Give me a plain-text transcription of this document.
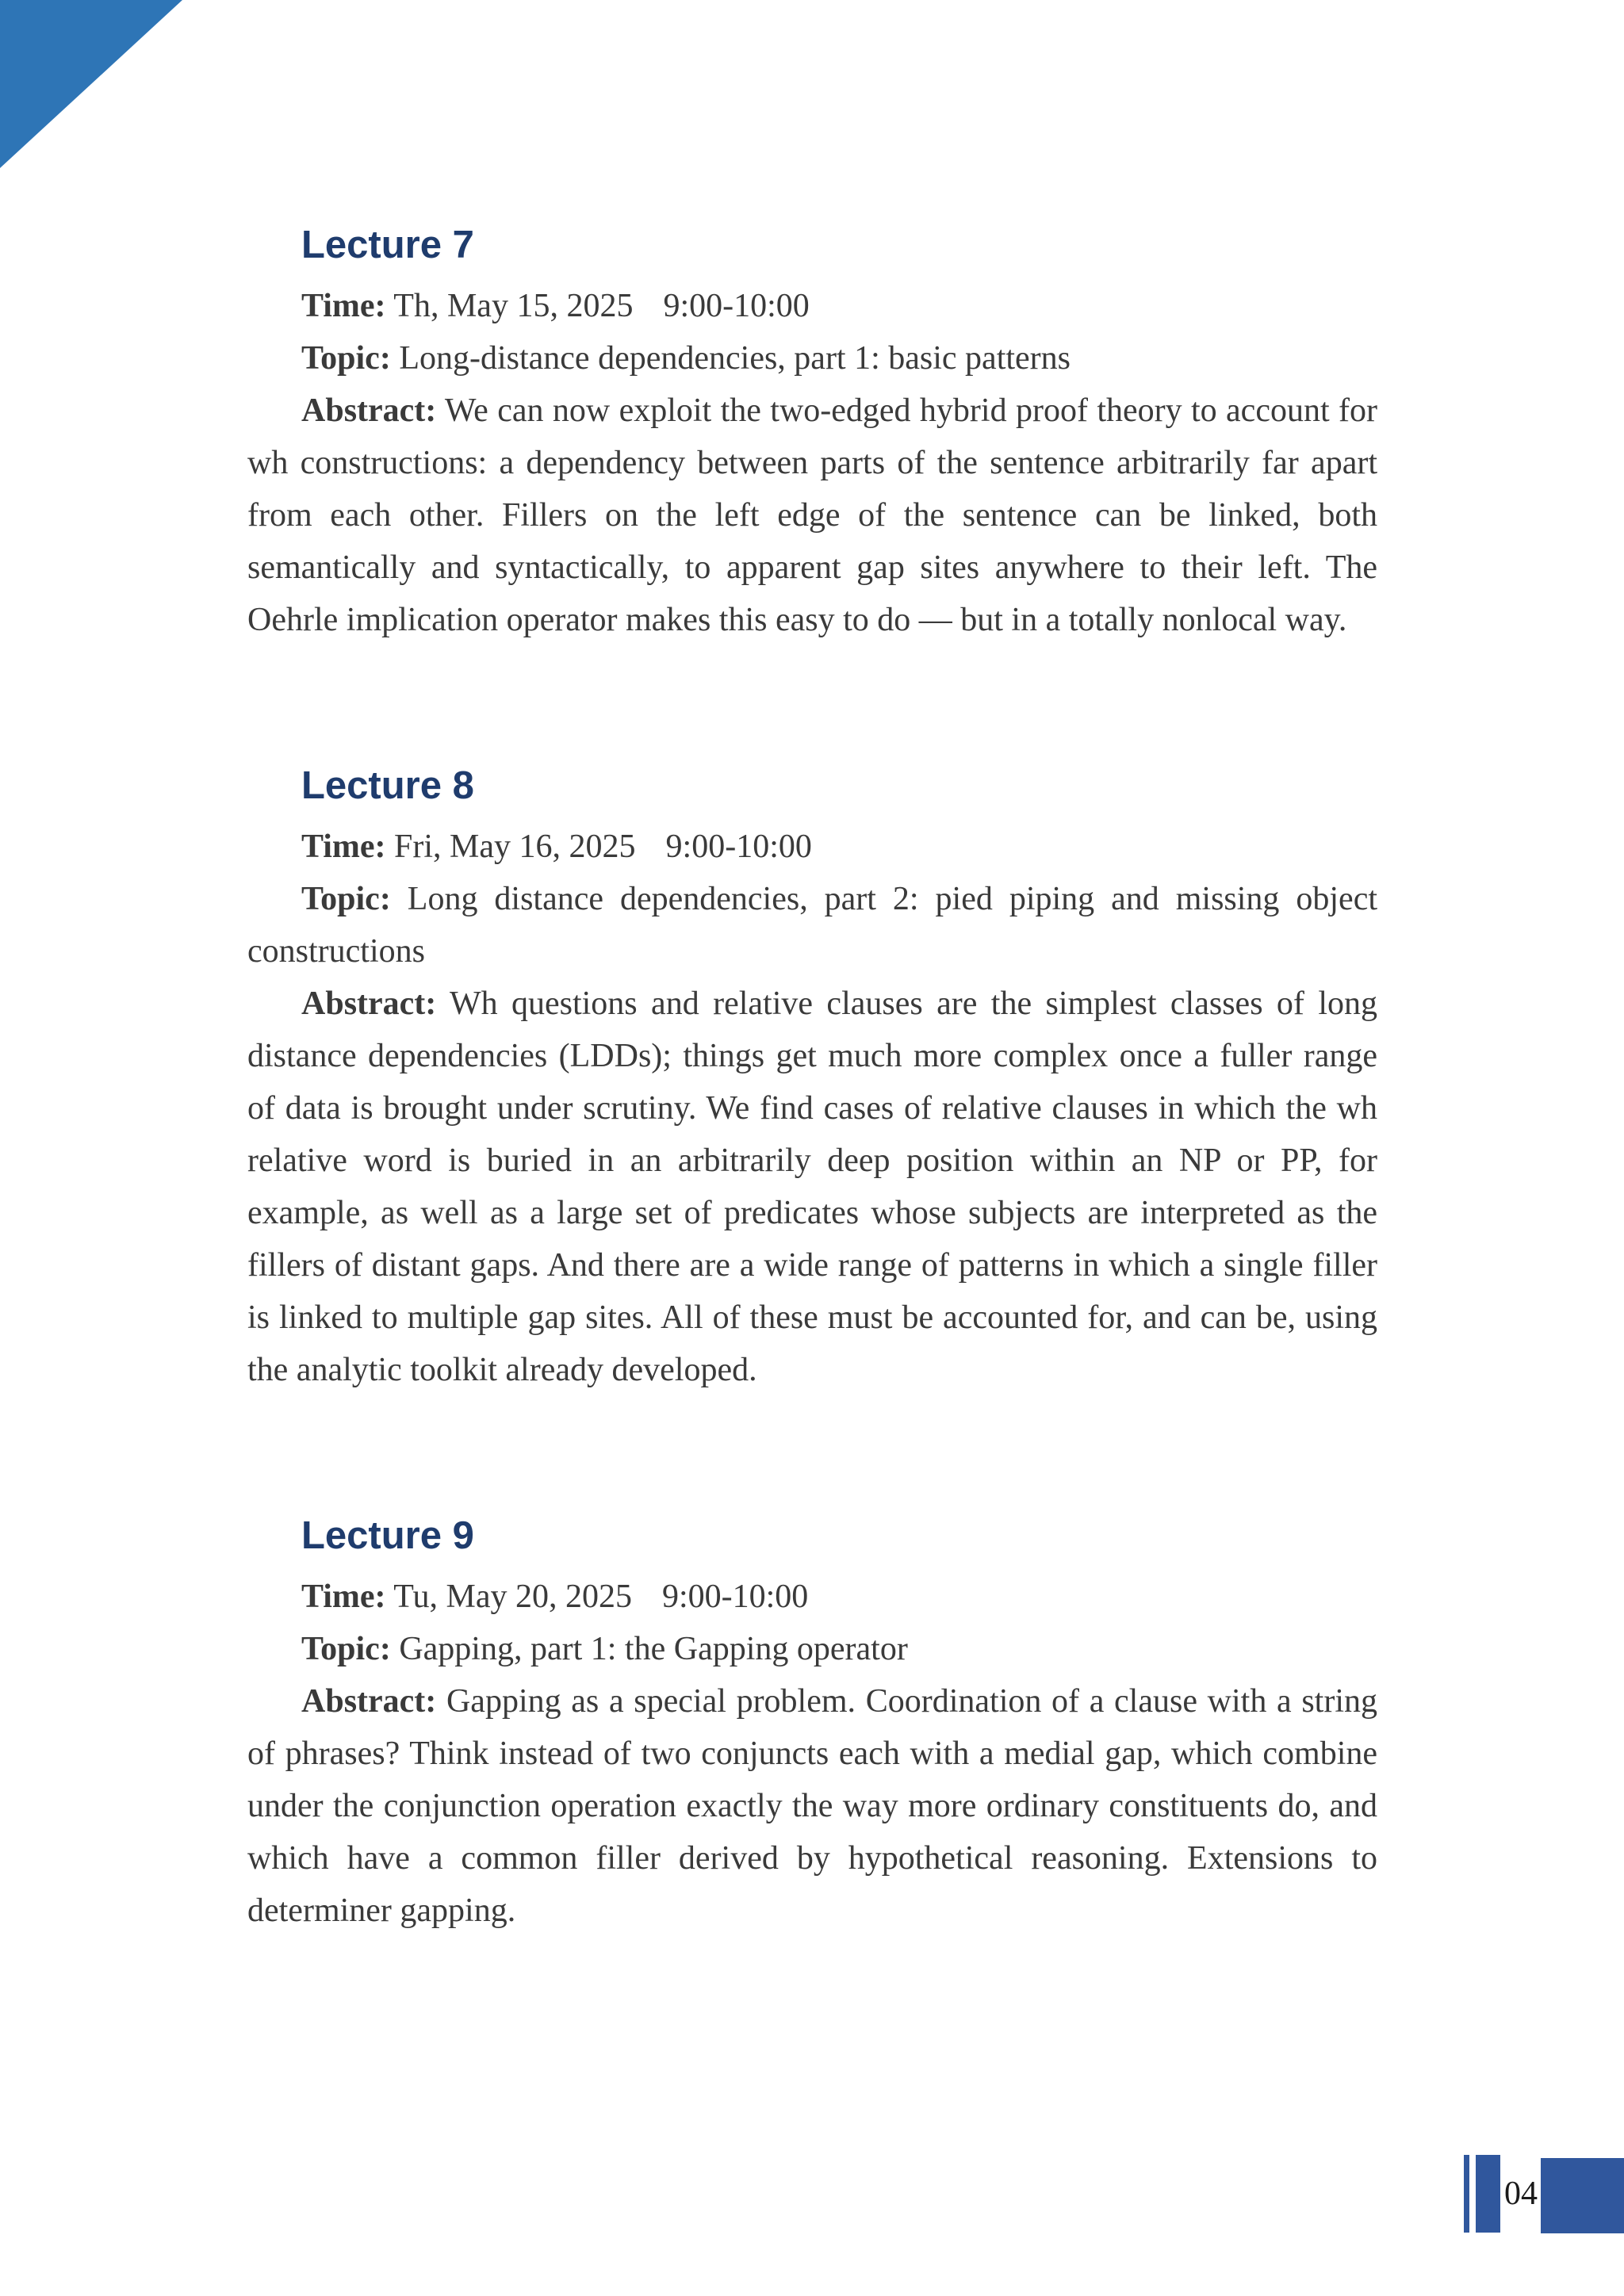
Lecture 7

Time: Th, May 15, 2025 9:00-10:00

Topic: Long-distance dependencies, part 1: basic patterns

Abstract: We can now exploit the two-edged hybrid proof theory to account for wh constructions: a dependency between parts of the sentence arbitrarily far apart from each other. Fillers on the left edge of the sentence can be linked, both semantically and syntactically, to apparent gap sites anywhere to their left. The Oehrle implication operator makes this easy to do — but in a totally nonlocal way.

Lecture 8

Time: Fri, May 16, 2025 9:00-10:00

Topic: Long distance dependencies, part 2: pied piping and missing object constructions

Abstract: Wh questions and relative clauses are the simplest classes of long distance dependencies (LDDs); things get much more complex once a fuller range of data is brought under scrutiny. We find cases of relative clauses in which the wh relative word is buried in an arbitrarily deep position within an NP or PP, for example, as well as a large set of predicates whose subjects are interpreted as the fillers of distant gaps. And there are a wide range of patterns in which a single filler is linked to multiple gap sites. All of these must be accounted for, and can be, using the analytic toolkit already developed.

Lecture 9

Time: Tu, May 20, 2025 9:00-10:00

Topic: Gapping, part 1: the Gapping operator

Abstract: Gapping as a special problem. Coordination of a clause with a string of phrases? Think instead of two conjuncts each with a medial gap, which combine under the conjunction operation exactly the way more ordinary constituents do, and which have a common filler derived by hypothetical reasoning. Extensions to determiner gapping.

04
